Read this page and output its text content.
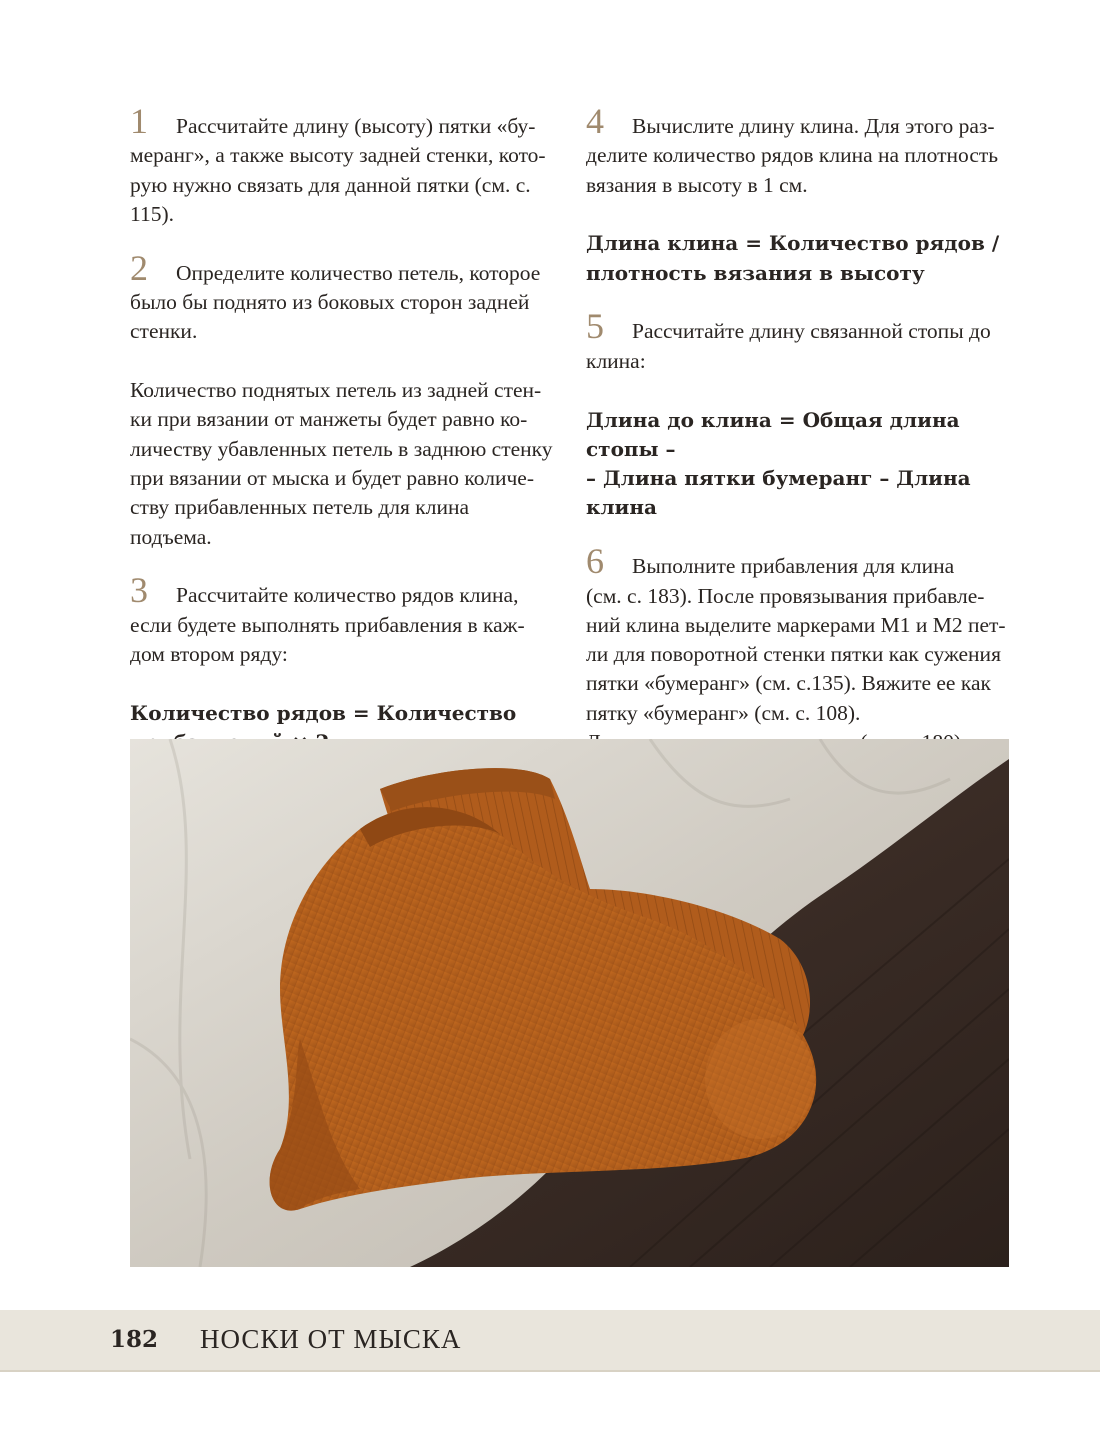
1 Рассчитайте длину (высоту) пятки «бу-
меранг», а также высоту задней стенки, кото-
рую нужно связать для данной пятки (см. с. 115).

2 Определите количество петель, которое
было бы поднято из боковых сторон задней
стенки.

Количество поднятых петель из задней стен-
ки при вязании от манжеты будет равно ко-
личеству убавленных петель в заднюю стенку
при вязании от мыска и будет равно количе-
ству прибавленных петель для клина подъема.

3 Рассчитайте количество рядов клина,
если будете выполнять прибавления в каж-
дом втором ряду:

Количество рядов = Количество

4 Вычислите длину клина. Для этого раз-
делите количество рядов клина на плотность
вязания в высоту в 1 см.

Длина клина = Количество рядов /
плотность вязания в высоту

5 Рассчитайте длину связанной стопы до
клина:

Длина до клина = Общая длина стопы –
– Длина пятки бумеранг – Длина клина

6 Выполните прибавления для клина
(см. с. 183). После провязывания прибавле-
ний клина выделите маркерами М1 и М2 пет-
ли для поворотной стенки пятки как сужения
пятки «бумеранг» (см. с.135). Вяжите ее как
пятку «бумеранг» (см. с. 108).

182 НОСКИ ОТ МЫСКА
